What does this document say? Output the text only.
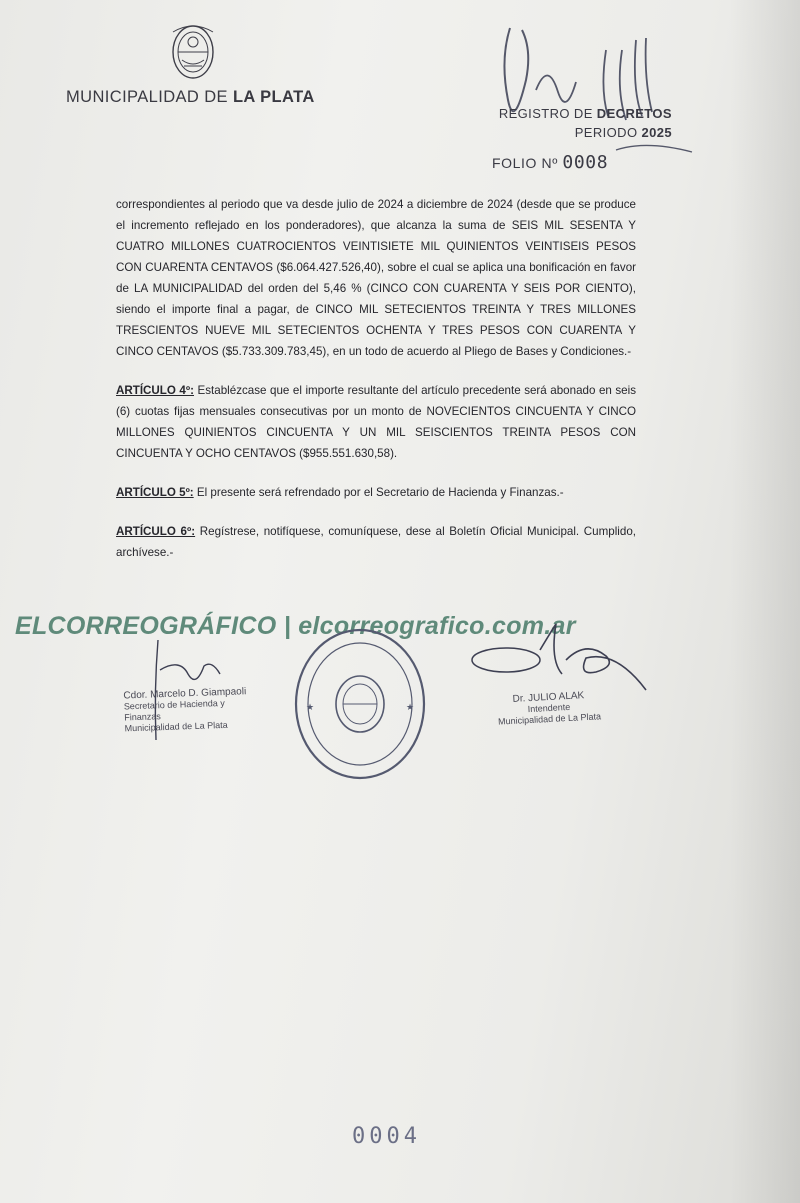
MUNICIPALIDAD DE LA PLATA
REGISTRO DE DECRETOS
PERIODO 2025
FOLIO Nº 0008

correspondientes al periodo que va desde julio de 2024 a diciembre de 2024 (desde que se produce el incremento reflejado en los ponderadores), que alcanza la suma de SEIS MIL SESENTA Y CUATRO MILLONES CUATROCIENTOS VEINTISIETE MIL QUINIENTOS VEINTISEIS PESOS CON CUARENTA CENTAVOS ($6.064.427.526,40), sobre el cual se aplica una bonificación en favor de LA MUNICIPALIDAD del orden del 5,46 % (CINCO CON CUARENTA Y SEIS POR CIENTO), siendo el importe final a pagar, de CINCO MIL SETECIENTOS TREINTA Y TRES MILLONES TRESCIENTOS NUEVE MIL SETECIENTOS OCHENTA Y TRES PESOS CON CUARENTA Y CINCO CENTAVOS ($5.733.309.783,45), en un todo de acuerdo al Pliego de Bases y Condiciones.-

ARTÍCULO 4º: Establézcase que el importe resultante del artículo precedente será abonado en seis (6) cuotas fijas mensuales consecutivas por un monto de NOVECIENTOS CINCUENTA Y CINCO MILLONES QUINIENTOS CINCUENTA Y UN MIL SEISCIENTOS TREINTA PESOS CON CINCUENTA Y OCHO CENTAVOS ($955.551.630,58).

ARTÍCULO 5º: El presente será refrendado por el Secretario de Hacienda y Finanzas.-

ARTÍCULO 6º: Regístrese, notifíquese, comuníquese, dese al Boletín Oficial Municipal. Cumplido, archívese.-

ELCORREOGRÁFICO | elcorreografico.com.ar
Cdor. Marcelo D. Giampaoli
Secretario de Hacienda y Finanzas
Municipalidad de La Plata
★	★
Dr. JULIO ALAK
Intendente
Municipalidad de La Plata
0004
